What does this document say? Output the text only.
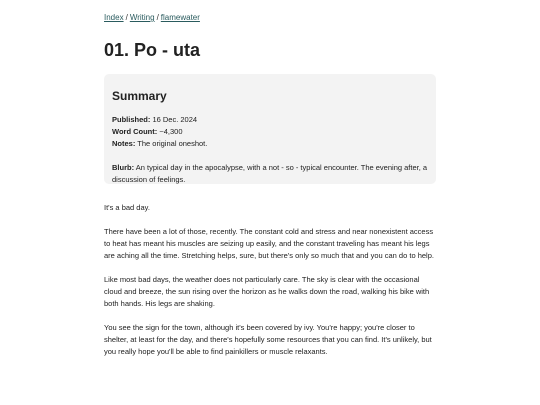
Index / Writing / flamewater
01. Po - uta
Summary
Published: 16 Dec. 2024
Word Count: ~4,300
Notes: The original oneshot.
Blurb: An typical day in the apocalypse, with a not - so - typical encounter. The evening after, a discussion of feelings.

It's a bad day.

There have been a lot of those, recently. The constant cold and stress and near nonexistent access to heat has meant his muscles are seizing up easily, and the constant traveling has meant his legs are aching all the time. Stretching helps, sure, but there's only so much that and you can do to help.

Like most bad days, the weather does not particularly care. The sky is clear with the occasional cloud and breeze, the sun rising over the horizon as he walks down the road, walking his bike with both hands. His legs are shaking.

You see the sign for the town, although it's been covered by ivy. You're happy; you're closer to shelter, at least for the day, and there's hopefully some resources that you can find. It's unlikely, but you really hope you'll be able to find painkillers or muscle relaxants.
